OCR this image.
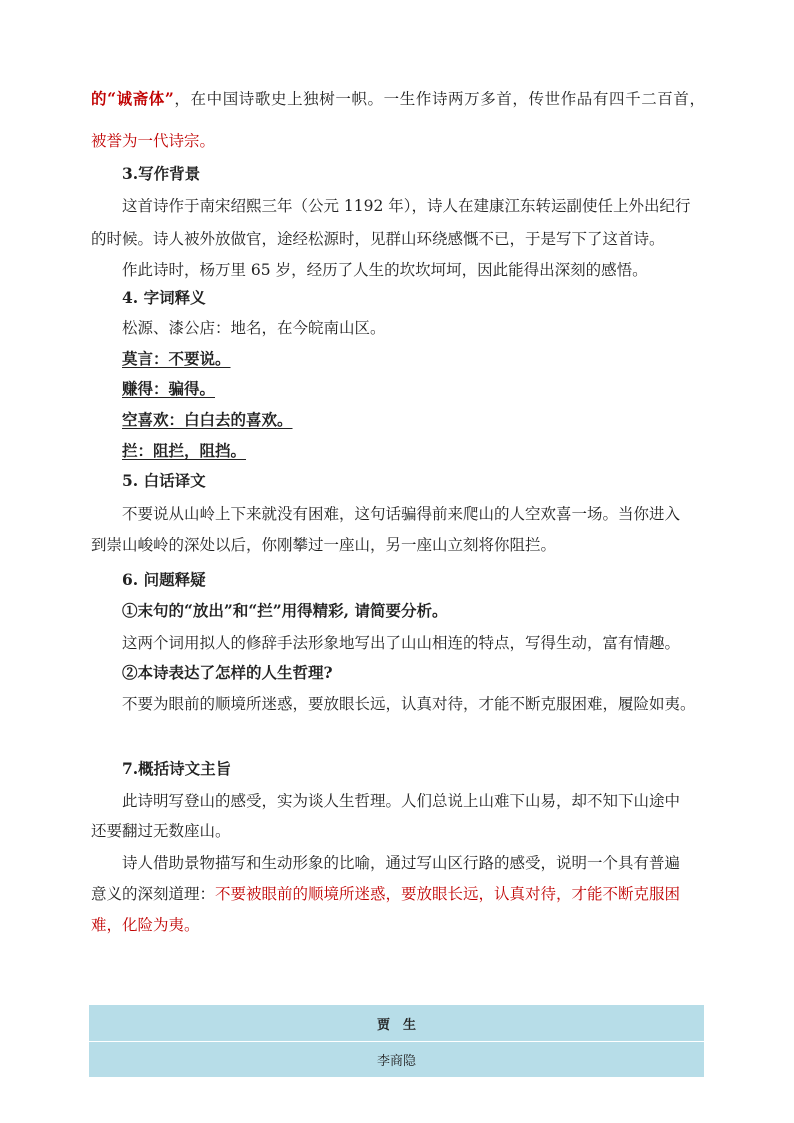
的“诚斋体”，在中国诗歌史上独树一帜。一生作诗两万多首，传世作品有四千二百首，
被誉为一代诗宗。
3.写作背景
这首诗作于南宋绍熙三年（公元 1192 年），诗人在建康江东转运副使任上外出纪行
的时候。诗人被外放做官，途经松源时，见群山环绕感慨不已，于是写下了这首诗。
作此诗时，杨万里 65 岁，经历了人生的坎坎坷坷，因此能得出深刻的感悟。
4. 字词释义
松源、漆公店：地名，在今皖南山区。
莫言：不要说。
赚得：骗得。
空喜欢：白白去的喜欢。
拦：阻拦，阻挡。
5. 白话译文
不要说从山岭上下来就没有困难，这句话骗得前来爬山的人空欢喜一场。当你进入
到崇山峻岭的深处以后，你刚攀过一座山，另一座山立刻将你阻拦。
6. 问题释疑
①末句的“放出”和“拦”用得精彩, 请简要分析。
这两个词用拟人的修辞手法形象地写出了山山相连的特点，写得生动，富有情趣。
②本诗表达了怎样的人生哲理?
不要为眼前的顺境所迷惑，要放眼长远，认真对待，才能不断克服困难，履险如夷。
7.概括诗文主旨
此诗明写登山的感受，实为谈人生哲理。人们总说上山难下山易，却不知下山途中
还要翻过无数座山。
诗人借助景物描写和生动形象的比喻，通过写山区行路的感受，说明一个具有普遍
意义的深刻道理：不要被眼前的顺境所迷惑，要放眼长远，认真对待，才能不断克服困
难，化险为夷。
贾　生
李商隐
